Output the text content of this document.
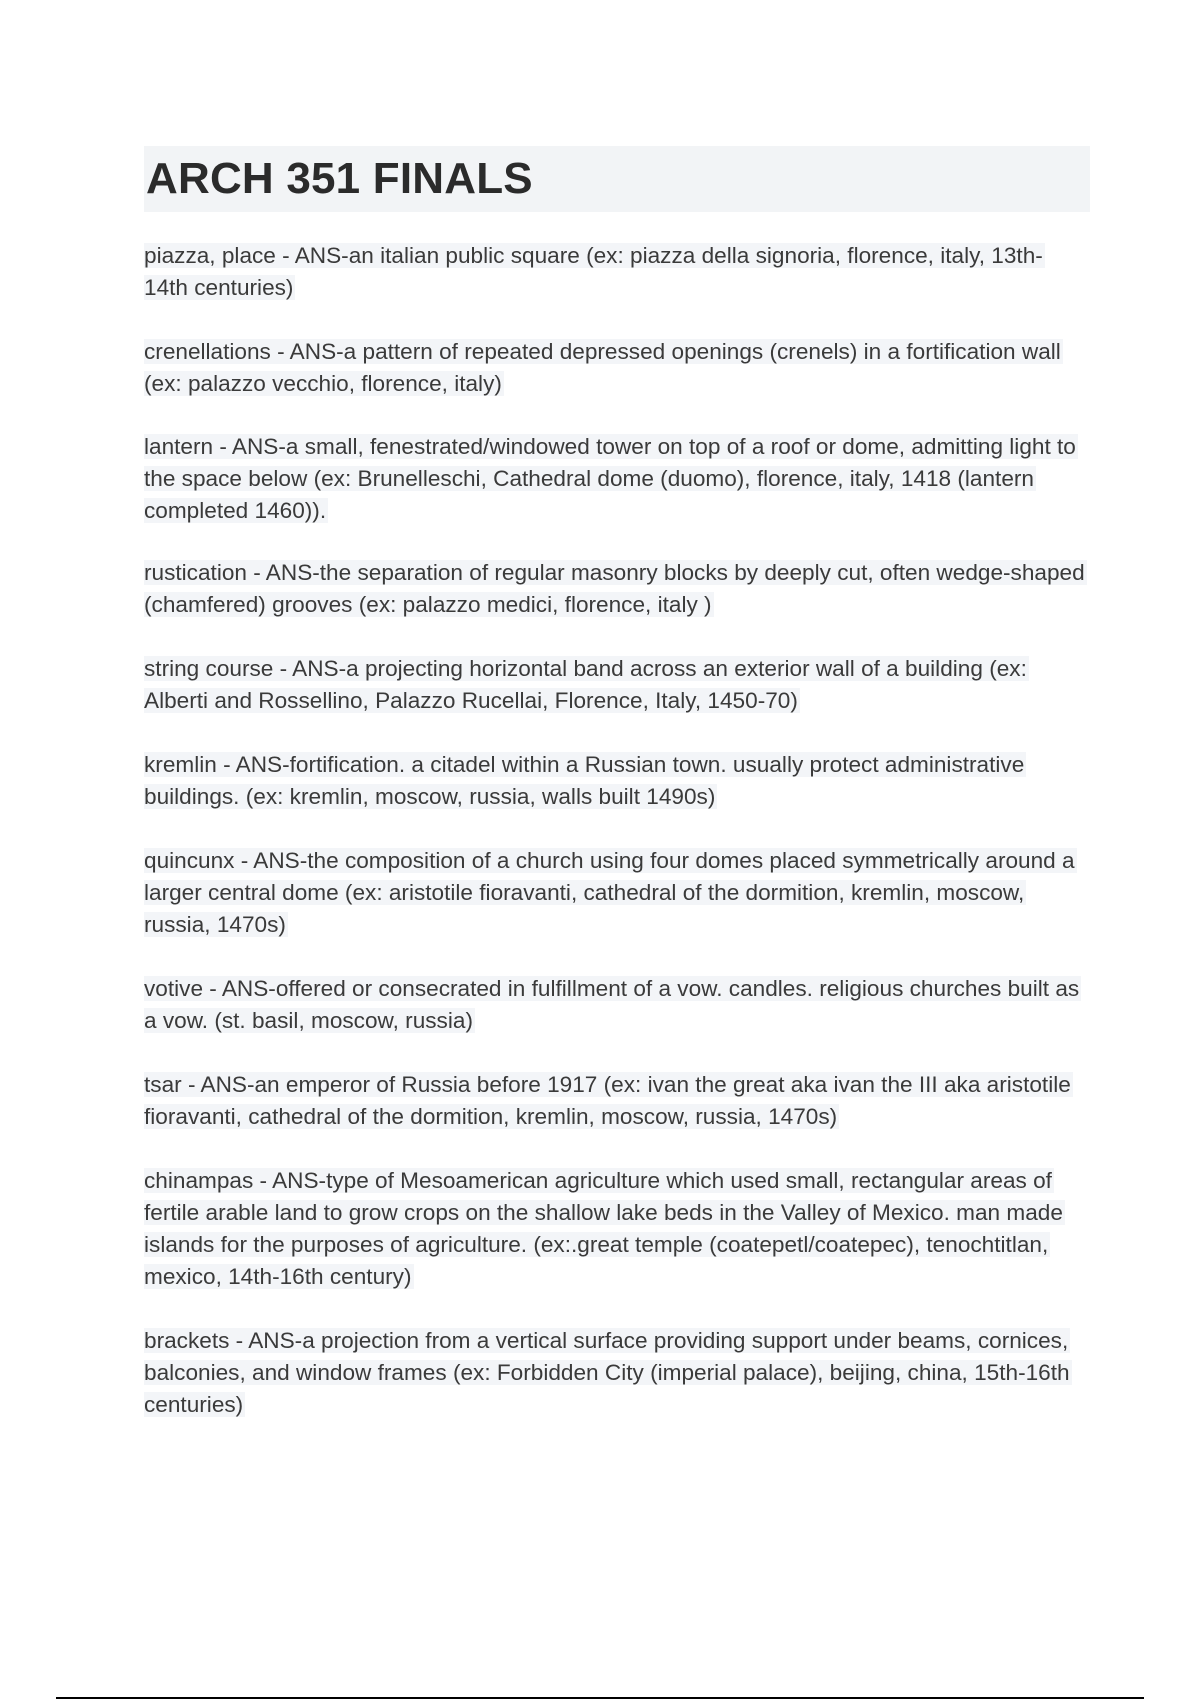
ARCH 351 FINALS

piazza, place - ANS-an italian public square (ex: piazza della signoria, florence, italy, 13th- 14th centuries)

crenellations - ANS-a pattern of repeated depressed openings (crenels) in a fortification wall (ex: palazzo vecchio, florence, italy)

lantern - ANS-a small, fenestrated/windowed tower on top of a roof or dome, admitting light to the space below (ex: Brunelleschi, Cathedral dome (duomo), florence, italy, 1418 (lantern completed 1460)).

rustication - ANS-the separation of regular masonry blocks by deeply cut, often wedge-shaped (chamfered) grooves (ex: palazzo medici, florence, italy )

string course - ANS-a projecting horizontal band across an exterior wall of a building (ex: Alberti and Rossellino, Palazzo Rucellai, Florence, Italy, 1450-70)

kremlin - ANS-fortification. a citadel within a Russian town. usually protect administrative buildings. (ex: kremlin, moscow, russia, walls built 1490s)

quincunx - ANS-the composition of a church using four domes placed symmetrically around a larger central dome (ex: aristotile fioravanti, cathedral of the dormition, kremlin, moscow, russia, 1470s)

votive - ANS-offered or consecrated in fulfillment of a vow. candles. religious churches built as a vow. (st. basil, moscow, russia)

tsar - ANS-an emperor of Russia before 1917 (ex: ivan the great aka ivan the III aka aristotile fioravanti, cathedral of the dormition, kremlin, moscow, russia, 1470s)

chinampas - ANS-type of Mesoamerican agriculture which used small, rectangular areas of fertile arable land to grow crops on the shallow lake beds in the Valley of Mexico. man made islands for the purposes of agriculture. (ex:.great temple (coatepetl/coatepec), tenochtitlan, mexico, 14th-16th century)

brackets - ANS-a projection from a vertical surface providing support under beams, cornices, balconies, and window frames (ex: Forbidden City (imperial palace), beijing, china, 15th-16th centuries)
